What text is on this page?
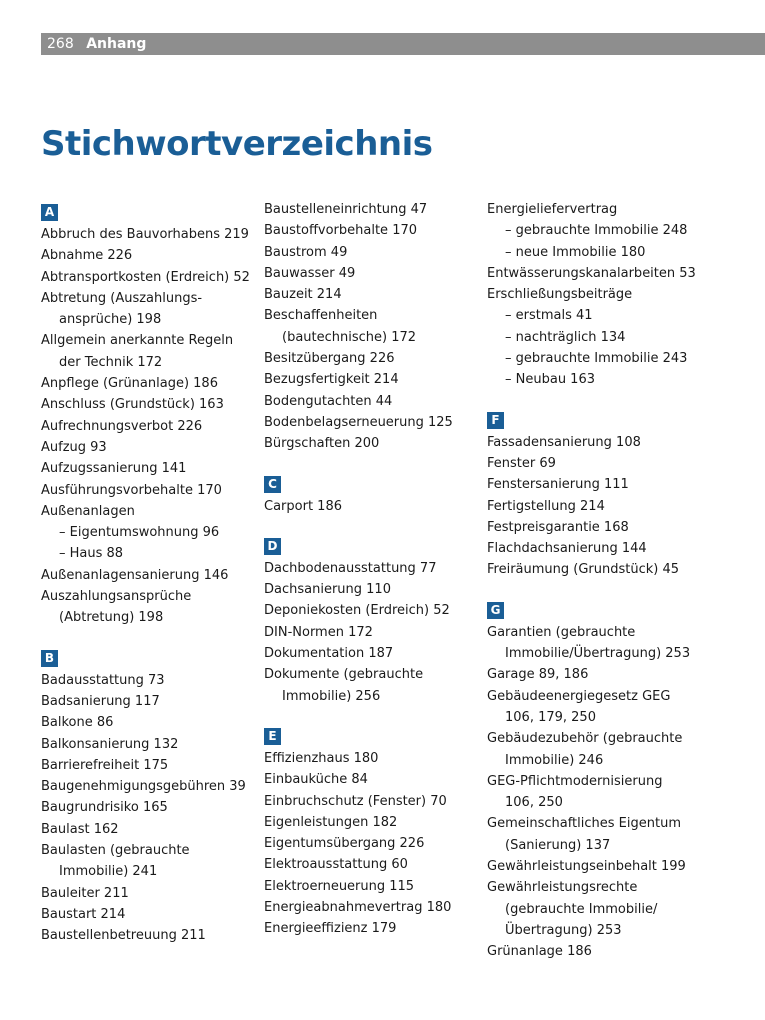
268 Anhang
Stichwortverzeichnis
A
Abbruch des Bauvorhabens 219
Abnahme 226
Abtransportkosten (Erdreich) 52
Abtretung (Auszahlungs-
ansprüche) 198
Allgemein anerkannte Regeln
der Technik 172
Anpflege (Grünanlage) 186
Anschluss (Grundstück) 163
Aufrechnungsverbot 226
Aufzug 93
Aufzugssanierung 141
Ausführungsvorbehalte 170
Außenanlagen
– Eigentumswohnung 96
– Haus 88
Außenanlagensanierung 146
Auszahlungsansprüche
(Abtretung) 198
B
Badausstattung 73
Badsanierung 117
Balkone 86
Balkonsanierung 132
Barrierefreiheit 175
Baugenehmigungsgebühren 39
Baugrundrisiko 165
Baulast 162
Baulasten (gebrauchte
Immobilie) 241
Bauleiter 211
Baustart 214
Baustellenbetreuung 211
Baustelleneinrichtung 47
Baustoffvorbehalte 170
Baustrom 49
Bauwasser 49
Bauzeit 214
Beschaffenheiten
(bautechnische) 172
Besitzübergang 226
Bezugsfertigkeit 214
Bodengutachten 44
Bodenbelagserneuerung 125
Bürgschaften 200
C
Carport 186
D
Dachbodenausstattung 77
Dachsanierung 110
Deponiekosten (Erdreich) 52
DIN-Normen 172
Dokumentation 187
Dokumente (gebrauchte
Immobilie) 256
E
Effizienzhaus 180
Einbauküche 84
Einbruchschutz (Fenster) 70
Eigenleistungen 182
Eigentumsübergang 226
Elektroausstattung 60
Elektroerneuerung 115
Energieabnahmevertrag 180
Energieeffizienz 179
Energieliefervertrag
– gebrauchte Immobilie 248
– neue Immobilie 180
Entwässerungskanalarbeiten 53
Erschließungsbeiträge
– erstmals 41
– nachträglich 134
– gebrauchte Immobilie 243
– Neubau 163
F
Fassadensanierung 108
Fenster 69
Fenstersanierung 111
Fertigstellung 214
Festpreisgarantie 168
Flachdachsanierung 144
Freiräumung (Grundstück) 45
G
Garantien (gebrauchte
Immobilie/Übertragung) 253
Garage 89, 186
Gebäudeenergiegesetz GEG
106, 179, 250
Gebäudezubehör (gebrauchte
Immobilie) 246
GEG-Pflichtmodernisierung
106, 250
Gemeinschaftliches Eigentum
(Sanierung) 137
Gewährleistungseinbehalt 199
Gewährleistungsrechte
(gebrauchte Immobilie/
Übertragung) 253
Grünanlage 186
